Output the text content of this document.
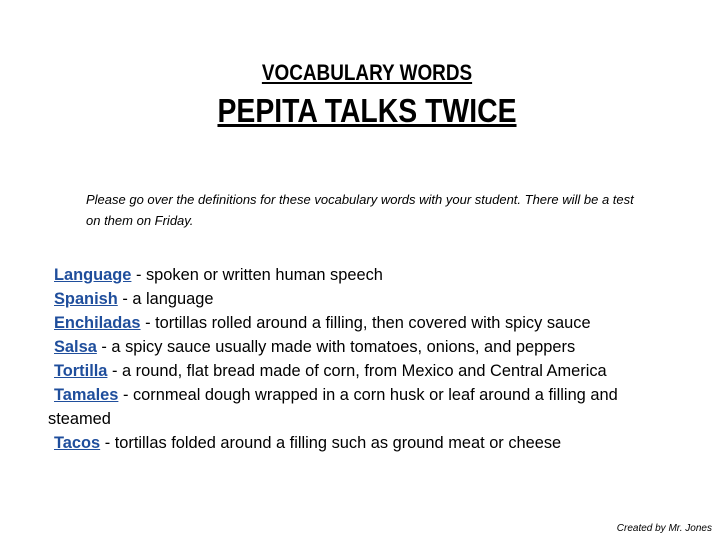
VOCABULARY WORDS
PEPITA TALKS TWICE
Please go over the definitions for these vocabulary words with your student. There will be a test on them on Friday.

Language - spoken or written human speech

Spanish - a language

Enchiladas - tortillas rolled around a filling, then covered with spicy sauce

Salsa - a spicy sauce usually made with tomatoes, onions, and peppers

Tortilla - a round, flat bread made of corn, from Mexico and Central America

Tamales - cornmeal dough wrapped in a corn husk or leaf around a filling and steamed

Tacos - tortillas folded around a filling such as ground meat or cheese

Created by Mr. Jones
